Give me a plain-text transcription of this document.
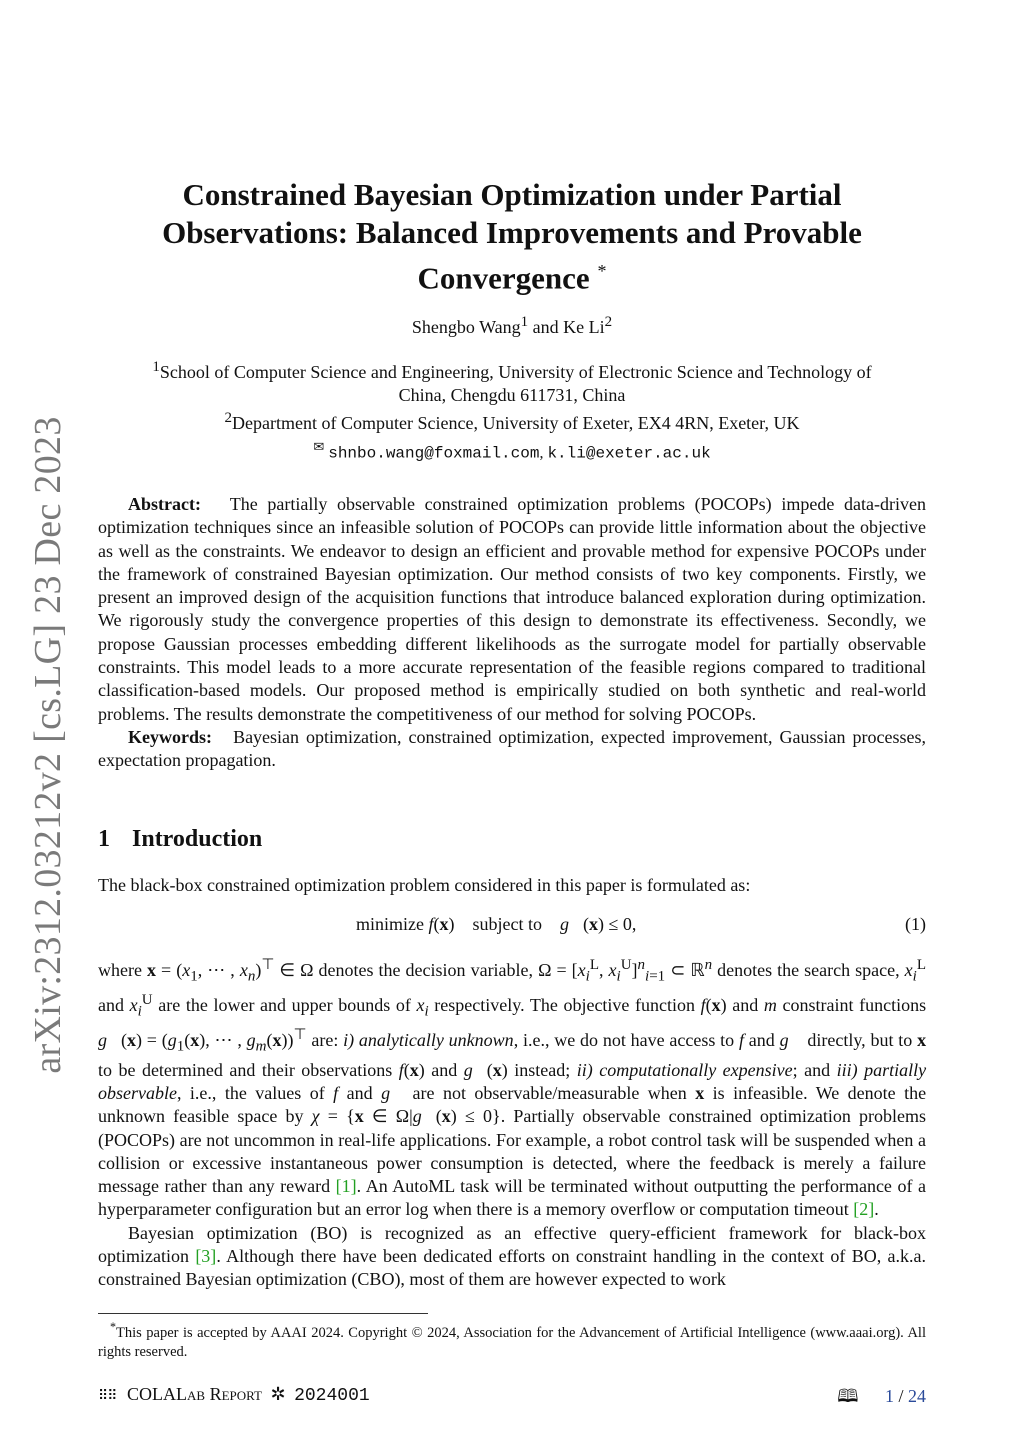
arXiv:2312.03212v2 [cs.LG] 23 Dec 2023
Constrained Bayesian Optimization under Partial
Observations: Balanced Improvements and Provable
Convergence *
Shengbo Wang$^1$ and Ke Li$^2$
$^1$School of Computer Science and Engineering, University of Electronic Science and Technology of
China, Chengdu 611731, China
$^2$Department of Computer Science, University of Exeter, EX4 4RN, Exeter, UK
✉ shnbo.wang@foxmail.com, k.li@exeter.ac.uk

Abstract: The partially observable constrained optimization problems (POCOPs) impede data-driven optimization techniques since an infeasible solution of POCOPs can provide little information about the objective as well as the constraints. We endeavor to design an efficient and provable method for expensive POCOPs under the framework of constrained Bayesian optimization. Our method consists of two key components. Firstly, we present an improved design of the acquisition functions that introduce balanced exploration during optimization. We rigorously study the convergence properties of this design to demonstrate its effectiveness. Secondly, we propose Gaussian processes embedding different likelihoods as the surrogate model for partially observable constraints. This model leads to a more accurate representation of the feasible regions compared to traditional classification-based models. Our proposed method is empirically studied on both synthetic and real-world problems. The results demonstrate the competitiveness of our method for solving POCOPs.

Keywords: Bayesian optimization, constrained optimization, expected improvement, Gaussian processes, expectation propagation.

1 Introduction

The black-box constrained optimization problem considered in this paper is formulated as:

minimize f(x)    subject to g⃗(x) ≤ 0,	(1)

where $x = (x_1$, ⋯ , $x_n)^⊤$ ∈ Ω denotes the decision variable, $\Omega = [x_i^L$, $x_i^U]^n_{i=1}$ ⊂ ℝ$^n$ denotes the search space, $x_i^L$ and $x_i^U$ are the lower and upper bounds of $x_i$ respectively. The objective function f(x) and m constraint functions g⃗(x) = ($g_1(x)$, ⋯ , $g_m(x))^⊤$ are: i) analytically unknown, i.e., we do not have access to f and g⃗ directly, but to x to be determined and their observations f(x) and g⃗(x) instead; ii) computationally expensive; and iii) partially observable, i.e., the values of f and g⃗ are not observable/measurable when x is infeasible. We denote the unknown feasible space by χ = {x ∈ Ω|g⃗(x) ≤ 0}. Partially observable constrained optimization problems (POCOPs) are not uncommon in real-life applications. For example, a robot control task will be suspended when a collision or excessive instantaneous power consumption is detected, where the feedback is merely a failure message rather than any reward [1]. An AutoML task will be terminated without outputting the performance of a hyperparameter configuration but an error log when there is a memory overflow or computation timeout [2].

Bayesian optimization (BO) is recognized as an effective query-efficient framework for black-box optimization [3]. Although there have been dedicated efforts on constraint handling in the context of BO, a.k.a. constrained Bayesian optimization (CBO), most of them are however expected to work

*This paper is accepted by AAAI 2024. Copyright © 2024, Association for the Advancement of Artificial Intelligence (www.aaai.org). All rights reserved.

⠿⠿ COLALab Report ✲ 2024001	🕮 1 / 24
